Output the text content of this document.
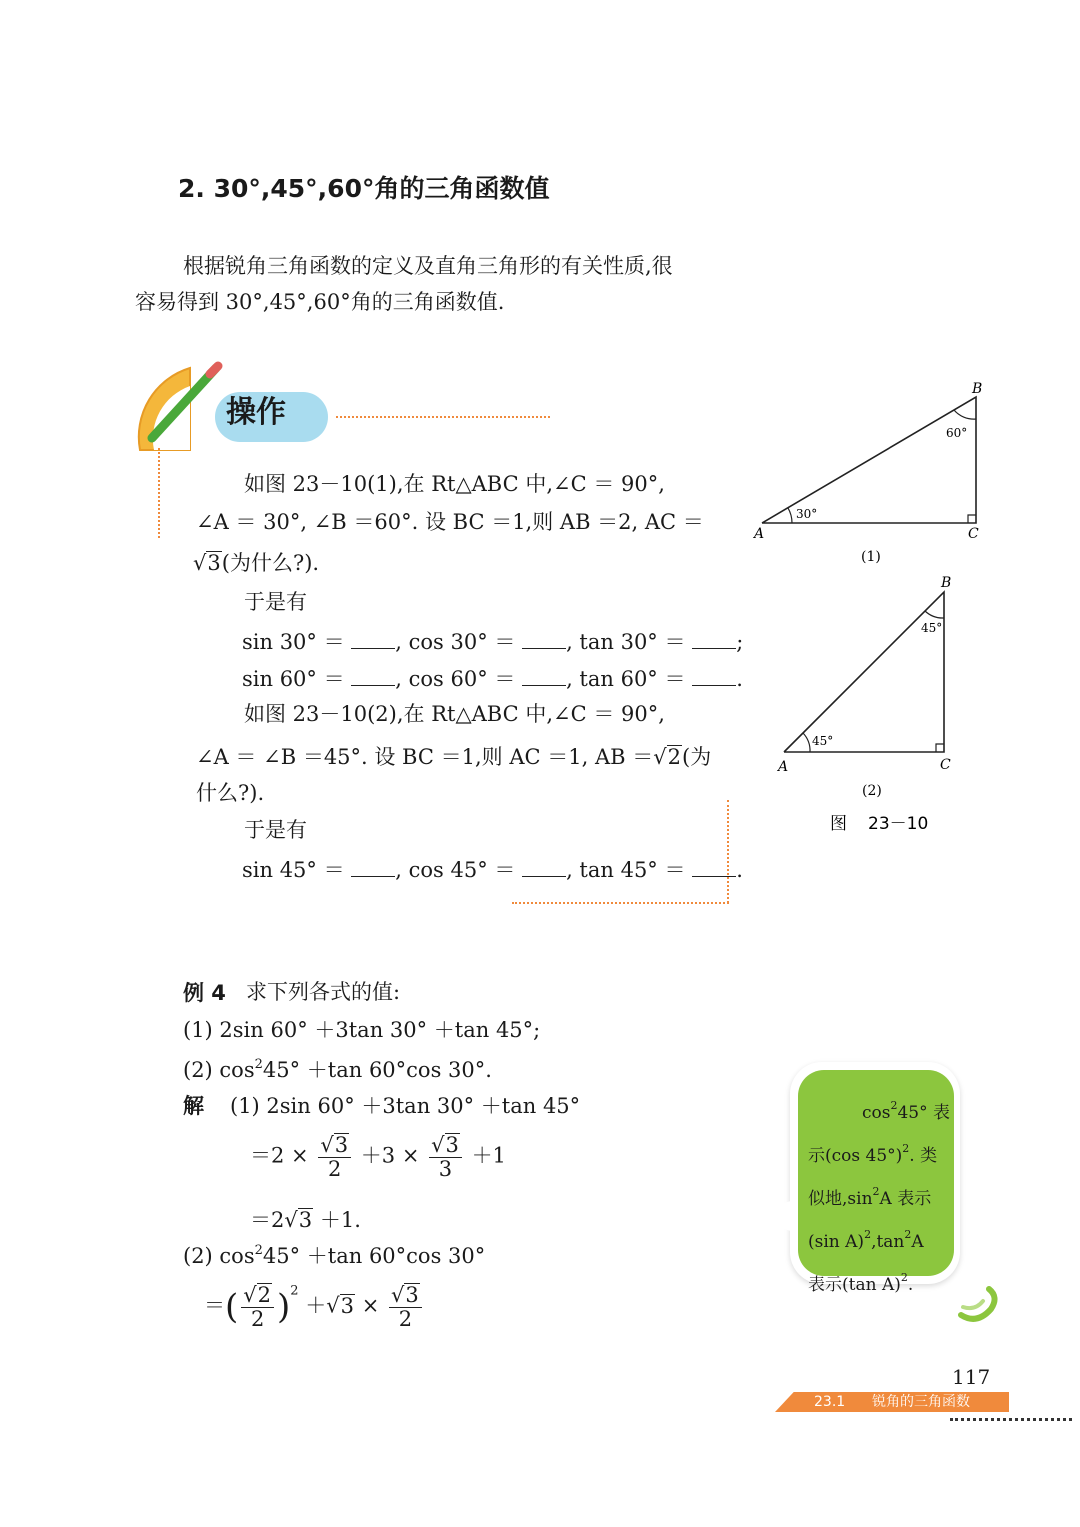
2. 30°,45°,60°角的三角函数值
根据锐角三角函数的定义及直角三角形的有关性质,很
容易得到 30°,45°,60°角的三角函数值.
操作
如图 23－10(1),在 Rt△ABC 中,∠C ＝ 90°,
∠A ＝ 30°, ∠B ＝60°. 设 BC ＝1,则 AB ＝2, AC ＝
√3(为什么?).
于是有
sin 30° ＝ , cos 30° ＝ , tan 30° ＝ ;
sin 60° ＝ , cos 60° ＝ , tan 60° ＝ .
如图 23－10(2),在 Rt△ABC 中,∠C ＝ 90°,
∠A ＝ ∠B ＝45°. 设 BC ＝1,则 AC ＝1, AB ＝√2(为
什么?).
于是有
sin 45° ＝ , cos 45° ＝ , tan 45° ＝ .
B
A	C
60°
30°
(1)
B
A	C
45°
45°
(2)
图 23－10
例 4 求下列各式的值:
(1) 2sin 60° ＋3tan 30° ＋tan 45°;
(2) $\cos^245^\circ +\tan$ 60°cos 30°.
解 (1) 2sin 60° ＋3tan 30° ＋tan 45°
$=2 \times \frac{√3}{2} +3 \times \frac{√3}{3} +1$
＝2√3 ＋1.
(2) $\cos^245^\circ +\tan$ 60°cos 30°
＝( $\frac{√2}{2} )^2 +√3 \times \frac{√3}{2}$
$\cos^245^\circ$ 表
示(cos 45°)$^2$. 类
似地$,\sin^2A$ 表示
(sin $A)^2,\tan^2A$
表示(tan A)$^2$.
117
23.1 锐角的三角函数
